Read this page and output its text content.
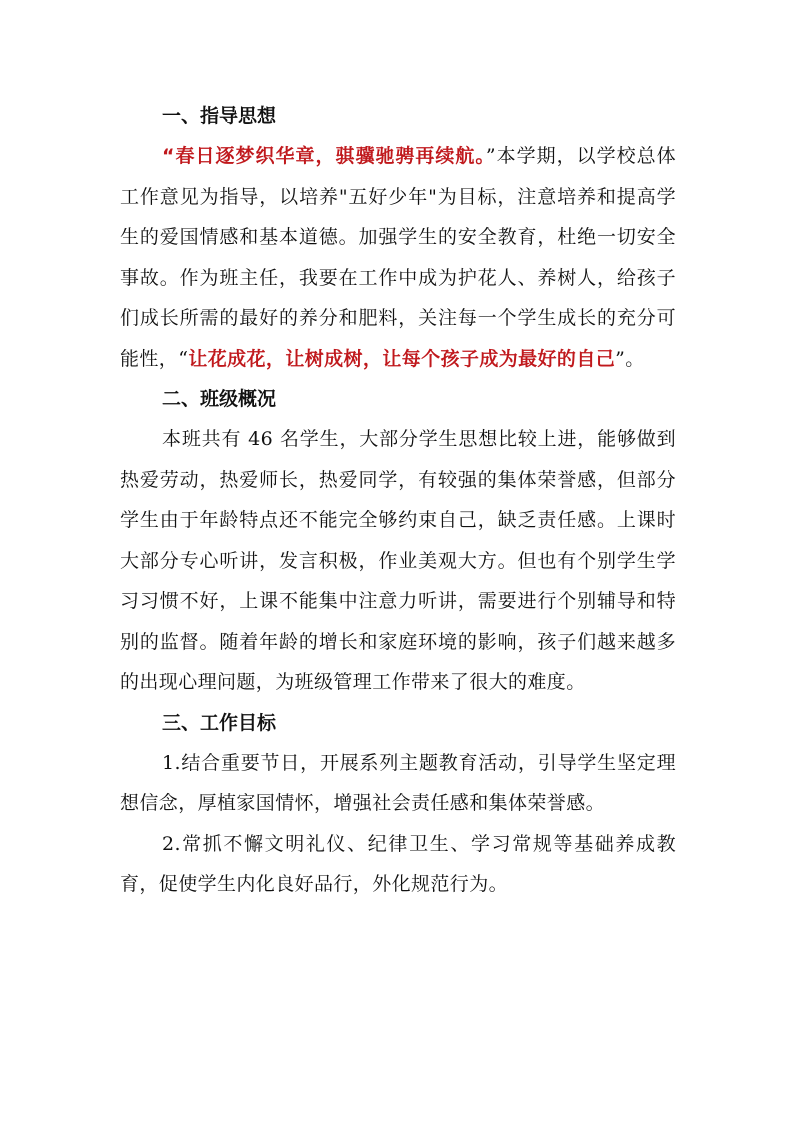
一、指导思想

“春日逐梦织华章，骐骥驰骋再续航。”本学期，以学校总体工作意见为指导，以培养"五好少年"为目标，注意培养和提高学生的爱国情感和基本道德。加强学生的安全教育，杜绝一切安全事故。作为班主任，我要在工作中成为护花人、养树人，给孩子们成长所需的最好的养分和肥料，关注每一个学生成长的充分可能性，“让花成花，让树成树，让每个孩子成为最好的自己”。

二、班级概况

本班共有 46 名学生，大部分学生思想比较上进，能够做到热爱劳动，热爱师长，热爱同学，有较强的集体荣誉感，但部分学生由于年龄特点还不能完全够约束自己，缺乏责任感。上课时大部分专心听讲，发言积极，作业美观大方。但也有个别学生学习习惯不好，上课不能集中注意力听讲，需要进行个别辅导和特别的监督。随着年龄的增长和家庭环境的影响，孩子们越来越多的出现心理问题，为班级管理工作带来了很大的难度。

三、工作目标

1.结合重要节日，开展系列主题教育活动，引导学生坚定理想信念，厚植家国情怀，增强社会责任感和集体荣誉感。

2.常抓不懈文明礼仪、纪律卫生、学习常规等基础养成教育，促使学生内化良好品行，外化规范行为。
